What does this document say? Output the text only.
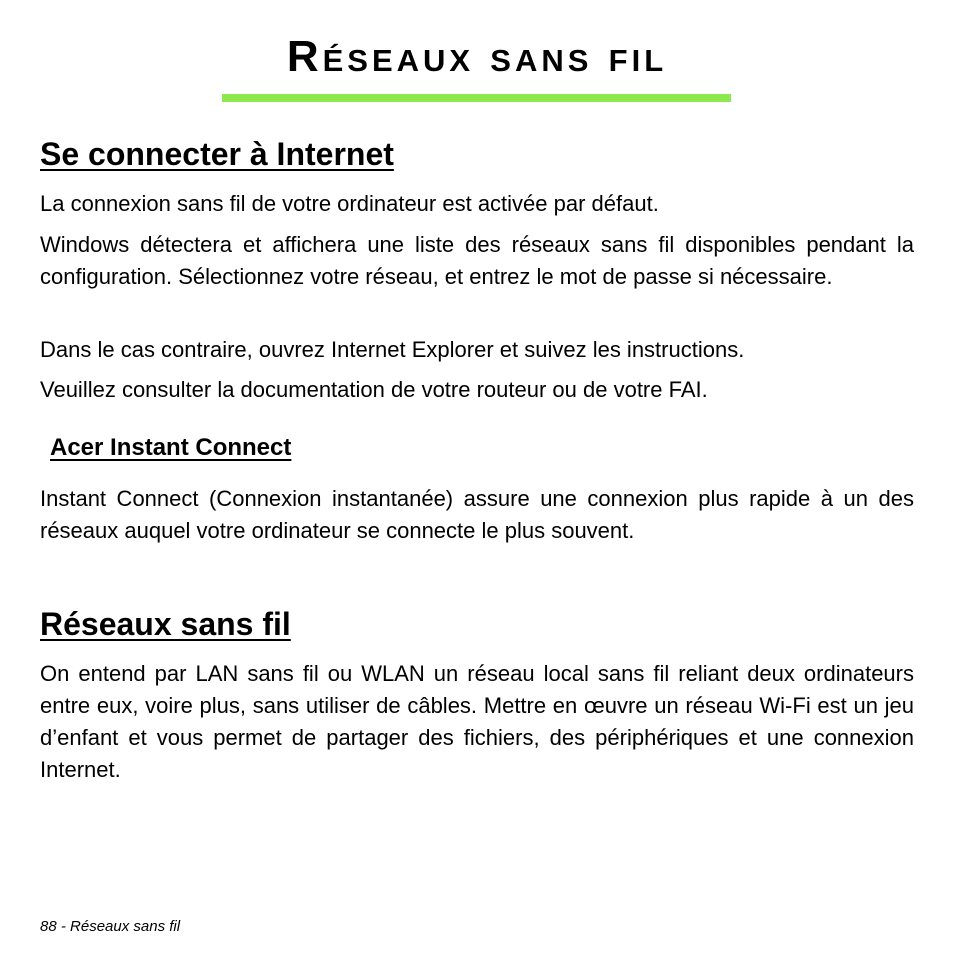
Réseaux sans fil
Se connecter à Internet

La connexion sans fil de votre ordinateur est activée par défaut.

Windows détectera et affichera une liste des réseaux sans fil disponibles pendant la configuration. Sélectionnez votre réseau, et entrez le mot de passe si nécessaire.

Dans le cas contraire, ouvrez Internet Explorer et suivez les instructions.

Veuillez consulter la documentation de votre routeur ou de votre FAI.

Acer Instant Connect

Instant Connect (Connexion instantanée) assure une connexion plus rapide à un des réseaux auquel votre ordinateur se connecte le plus souvent.

Réseaux sans fil

On entend par LAN sans fil ou WLAN un réseau local sans fil reliant deux ordinateurs entre eux, voire plus, sans utiliser de câbles. Mettre en œuvre un réseau Wi-Fi est un jeu d’enfant et vous permet de partager des fichiers, des périphériques et une connexion Internet.

88 - Réseaux sans fil
